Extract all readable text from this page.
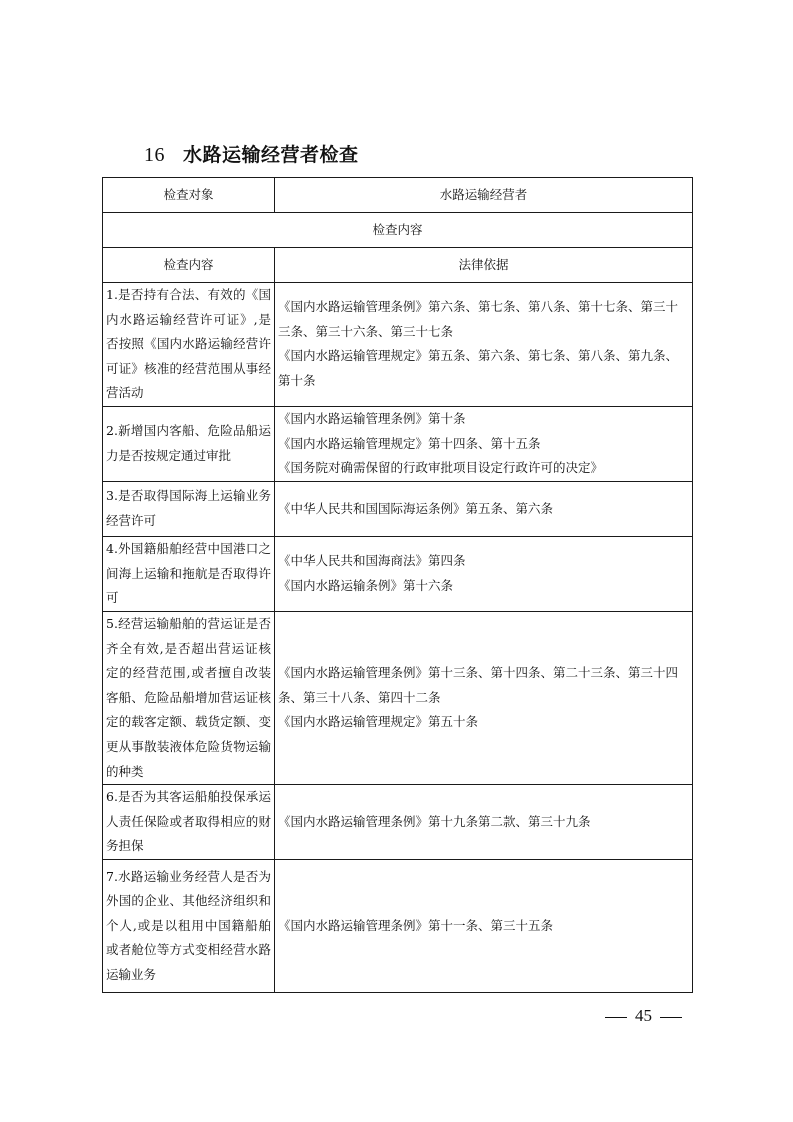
16 水路运输经营者检查
检查对象	水路运输经营者
检查内容	
检查内容	法律依据
1.是否持有合法、有效的《国内水路运输经营许可证》,是否按照《国内水路运输经营许可证》核准的经营范围从事经营活动	《国内水路运输管理条例》第六条、第七条、第八条、第十七条、第三十三条、第三十六条、第三十七条
《国内水路运输管理规定》第五条、第六条、第七条、第八条、第九条、第十条

2.新增国内客船、危险品船运力是否按规定通过审批	《国内水路运输管理条例》第十条
《国内水路运输管理规定》第十四条、第十五条
《国务院对确需保留的行政审批项目设定行政许可的决定》

3.是否取得国际海上运输业务经营许可	《中华人民共和国国际海运条例》第五条、第六条

4.外国籍船舶经营中国港口之间海上运输和拖航是否取得许可	《中华人民共和国海商法》第四条
《国内水路运输条例》第十六条

5.经营运输船舶的营运证是否齐全有效,是否超出营运证核定的经营范围,或者擅自改装客船、危险品船增加营运证核定的载客定额、载货定额、变更从事散装液体危险货物运输的种类	《国内水路运输管理条例》第十三条、第十四条、第二十三条、第三十四条、第三十八条、第四十二条
《国内水路运输管理规定》第五十条

6.是否为其客运船舶投保承运人责任保险或者取得相应的财务担保	《国内水路运输管理条例》第十九条第二款、第三十九条

7.水路运输业务经营人是否为外国的企业、其他经济组织和个人,或是以租用中国籍船舶或者舱位等方式变相经营水路运输业务	《国内水路运输管理条例》第十一条、第三十五条
45
